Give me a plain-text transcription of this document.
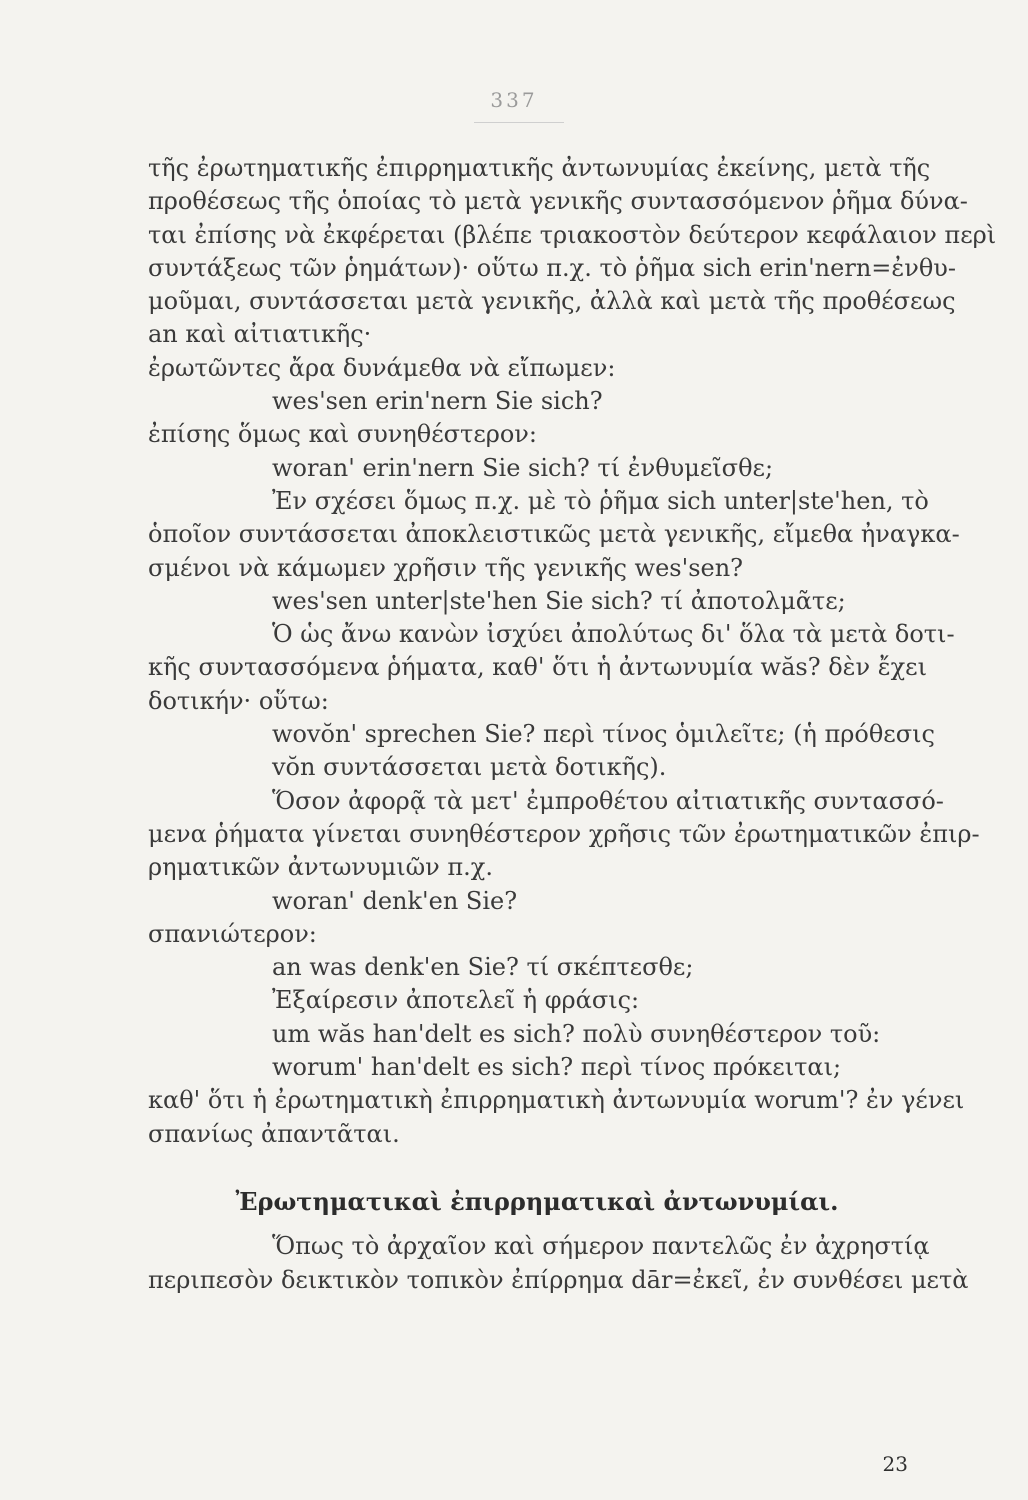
337
τῆς ἐρωτηματικῆς ἐπιρρηματικῆς ἀντωνυμίας ἐκείνης, μετὰ τῆς
προθέσεως τῆς ὁποίας τὸ μετὰ γενικῆς συντασσόμενον ῥῆμα δύνα-
ται ἐπίσης νὰ ἐκφέρεται (βλέπε τριακοστὸν δεύτερον κεφάλαιον περὶ
συντάξεως τῶν ῥημάτων)· οὕτω π.χ. τὸ ῥῆμα sich erin'nern=ἐνθυ-
μοῦμαι, συντάσσεται μετὰ γενικῆς, ἀλλὰ καὶ μετὰ τῆς προθέσεως
an καὶ αἰτιατικῆς·
ἐρωτῶντες ἄρα δυνάμεθα νὰ εἴπωμεν:
wes'sen erin'nern Sie sich?
ἐπίσης ὅμως καὶ συνηθέστερον:
woran' erin'nern Sie sich? τί ἐνθυμεῖσθε;
Ἐν σχέσει ὅμως π.χ. μὲ τὸ ῥῆμα sich unter|ste'hen, τὸ
ὁποῖον συντάσσεται ἀποκλειστικῶς μετὰ γενικῆς, εἴμεθα ἠναγκα-
σμένοι νὰ κάμωμεν χρῆσιν τῆς γενικῆς wes'sen?
wes'sen unter|ste'hen Sie sich? τί ἀποτολμᾶτε;
Ὁ ὡς ἄνω κανὼν ἰσχύει ἀπολύτως δι' ὅλα τὰ μετὰ δοτι-
κῆς συντασσόμενα ῥήματα, καθ' ὅτι ἡ ἀντωνυμία wăs? δὲν ἔχει
δοτικήν· οὕτω:
wovŏn' sprechen Sie? περὶ τίνος ὁμιλεῖτε; (ἡ πρόθεσις
vŏn συντάσσεται μετὰ δοτικῆς).
Ὅσον ἀφορᾷ τὰ μετ' ἐμπροθέτου αἰτιατικῆς συντασσό-
μενα ῥήματα γίνεται συνηθέστερον χρῆσις τῶν ἐρωτηματικῶν ἐπιρ-
ρηματικῶν ἀντωνυμιῶν π.χ.
woran' denk'en Sie?
σπανιώτερον:
an was denk'en Sie? τί σκέπτεσθε;
Ἐξαίρεσιν ἀποτελεῖ ἡ φράσις:
um wăs han'delt es sich? πολὺ συνηθέστερον τοῦ:
worum' han'delt es sich? περὶ τίνος πρόκειται;
καθ' ὅτι ἡ ἐρωτηματικὴ ἐπιρρηματικὴ ἀντωνυμία worum'? ἐν γένει
σπανίως ἀπαντᾶται.
Ἐρωτηματικαὶ ἐπιρρηματικαὶ ἀντωνυμίαι.
Ὅπως τὸ ἀρχαῖον καὶ σήμερον παντελῶς ἐν ἀχρηστίᾳ
περιπεσὸν δεικτικὸν τοπικὸν ἐπίρρημα dār=ἐκεῖ, ἐν συνθέσει μετὰ
23
